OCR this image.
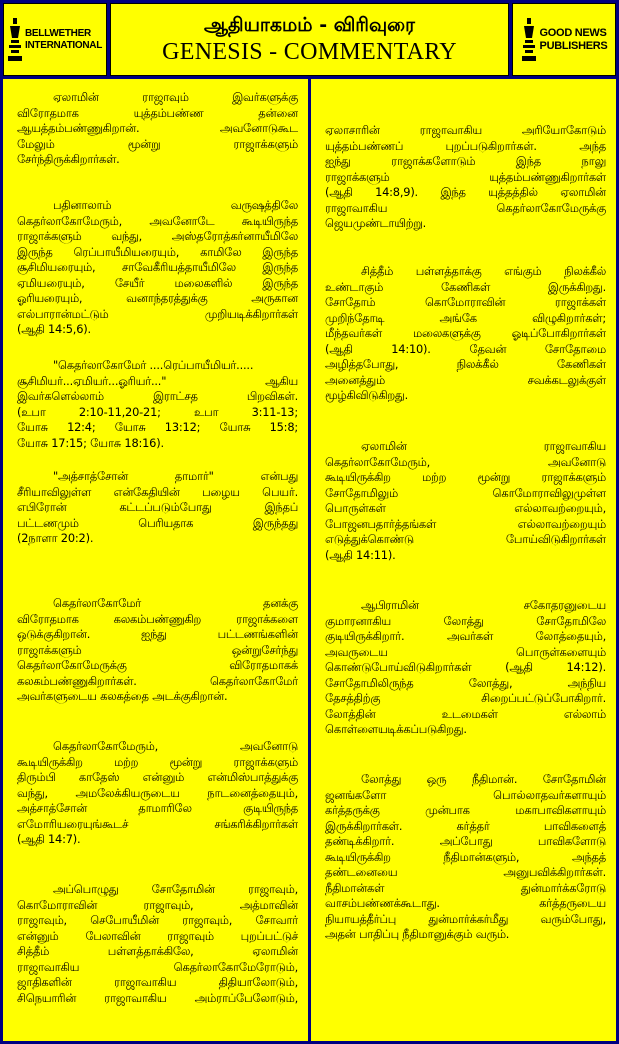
BELLWETHER
INTERNATIONAL
ஆதியாகமம் - விரிவுரை
GENESIS - COMMENTARY
GOOD NEWS
PUBLISHERS
ஏலாமின் ராஜாவும் இவர்களுக்கு
விரோதமாக யுத்தம்பண்ண தன்னை
ஆயத்தம்பண்ணுகிறான். அவனோடுகூட
மேலும் மூன்று ராஜாக்களும்
சேர்ந்திருக்கிறார்கள்.
பதினாலாம் வருஷத்திலே
கெதர்லாகோமேரும், அவனோடே கூடியிருந்த
ராஜாக்களும் வந்து, அஸ்தரோத்கர்னாயீமிலே
இருந்த ரெப்பாயீமியரையும், காமிலே இருந்த
சூசிமியரையும், சாவேகீரியத்தாயீமிலே இருந்த
ஏமியரையும், சேயீர் மலைகளில் இருந்த
ஓரியரையும், வனாந்தரத்துக்கு அருகான
எல்பாரான்மட்டும் முறியடிக்கிறார்கள்
(ஆதி 14:5,6).
"கெதர்லாகோமேர் ....ரெப்பாயீமியர்.....
சூசிமியர்...ஏமியர்...ஓரியர்..." ஆகிய
இவர்களெல்லாம் இராட்சத பிறவிகள்.
(உபா 2:10-11,20-21; உபா 3:11-13;
யோசு 12:4; யோசு 13:12; யோசு 15:8;
யோசு 17:15; யோசு 18:16).
"அத்சாத்சோன் தாமார்" என்பது
சீரியாவிலுள்ள என்கேதியின் பழைய பெயர்.
எபிரோன் கட்டப்படும்போது இந்தப்
பட்டணமும் பெரியதாக இருந்தது
(2நாளா 20:2).
கெதர்லாகோமேர் தனக்கு
விரோதமாக கலகம்பண்ணுகிற ராஜாக்களை
ஒடுக்குகிறான். ஐந்து பட்டணங்களின்
ராஜாக்களும் ஒன்றுசேர்ந்து
கெதர்லாகோமேருக்கு விரோதமாகக்
கலகம்பண்ணுகிறார்கள். கெதர்லாகோமேர்
அவர்களுடைய கலகத்தை அடக்குகிறான்.
கெதர்லாகோமேரும், அவனோடு
கூடியிருக்கிற மற்ற மூன்று ராஜாக்களும்
திரும்பி காதேஸ் என்னும் என்மிஸ்பாத்துக்கு
வந்து, அமலேக்கியருடைய நாடனைத்தையும்,
அத்சாத்சோன் தாமாரிலே குடியிருந்த
எமோரியரையுங்கூடச் சங்கரிக்கிறார்கள்
(ஆதி 14:7).
அப்பொழுது சோதோமின் ராஜாவும்,
கொமோராவின் ராஜாவும், அத்மாவின்
ராஜாவும், செபோயீமின் ராஜாவும், சோவார்
என்னும் பேலாவின் ராஜாவும் புறப்பட்டுச்
சித்தீம் பள்ளத்தாக்கிலே, ஏலாமின்
ராஜாவாகிய கெதர்லாகோமேரோடும்,
ஜாதிகளின் ராஜாவாகிய திதியாலோடும்,
சிநெயாரின் ராஜாவாகிய அம்ராப்பேலோடும்,
ஏலாசாரின் ராஜாவாகிய அரியோகோடும்
யுத்தம்பண்ணப் புறப்படுகிறார்கள். அந்த
ஐந்து ராஜாக்களோடும் இந்த நாலு
ராஜாக்களும் யுத்தம்பண்ணுகிறார்கள்
(ஆதி 14:8,9). இந்த யுத்தத்தில் ஏலாமின்
ராஜாவாகிய கெதர்லாகோமேருக்கு
ஜெயமுண்டாயிற்று.
சித்தீம் பள்ளத்தாக்கு எங்கும் நிலக்கீல்
உண்டாகும் கேணிகள் இருக்கிறது.
சோதோம் கொமோராவின் ராஜாக்கள்
முறிந்தோடி அங்கே விழுகிறார்கள்;
மீந்தவர்கள் மலைகளுக்கு ஓடிப்போகிறார்கள்
(ஆதி 14:10). தேவன் சோதோமை
அழித்தபோது, நிலக்கீல் கேணிகள்
அனைத்தும் சவக்கடலுக்குள்
மூழ்கிவிடுகிறது.
ஏலாமின் ராஜாவாகிய
கெதர்லாகோமேரும், அவனோடு
கூடியிருக்கிற மற்ற மூன்று ராஜாக்களும்
சோதோமிலும் கொமோராவிலுமுள்ள
பொருள்கள் எல்லாவற்றையும்,
போஜனபதார்த்தங்கள் எல்லாவற்றையும்
எடுத்துக்கொண்டு போய்விடுகிறார்கள்
(ஆதி 14:11).
ஆபிராமின் சகோதரனுடைய
குமாரனாகிய லோத்து சோதோமிலே
குடியிருக்கிறார். அவர்கள் லோத்தையும்,
அவருடைய பொருள்களையும்
கொண்டுபோய்விடுகிறார்கள் (ஆதி 14:12).
சோதோமிலிருந்த லோத்து, அந்நிய
தேசத்திற்கு சிறைப்பட்டுப்போகிறார்.
லோத்தின் உடமைகள் எல்லாம்
கொள்ளையடிக்கப்படுகிறது.
லோத்து ஒரு நீதிமான். சோதோமின்
ஜனங்களோ பொல்லாதவர்களாயும்
கர்த்தருக்கு முன்பாக மகாபாவிகளாயும்
இருக்கிறார்கள். கர்த்தர் பாவிகளைத்
தண்டிக்கிறார். அப்போது பாவிகளோடு
கூடியிருக்கிற நீதிமான்களும், அந்தத்
தண்டனையை அனுபவிக்கிறார்கள்.
நீதிமான்கள் துன்மார்க்கரோடு
வாசம்பண்ணக்கூடாது. கர்த்தருடைய
நியாயத்தீர்ப்பு துன்மார்க்கர்மீது வரும்போது,
அதன் பாதிப்பு நீதிமானுக்கும் வரும்.
